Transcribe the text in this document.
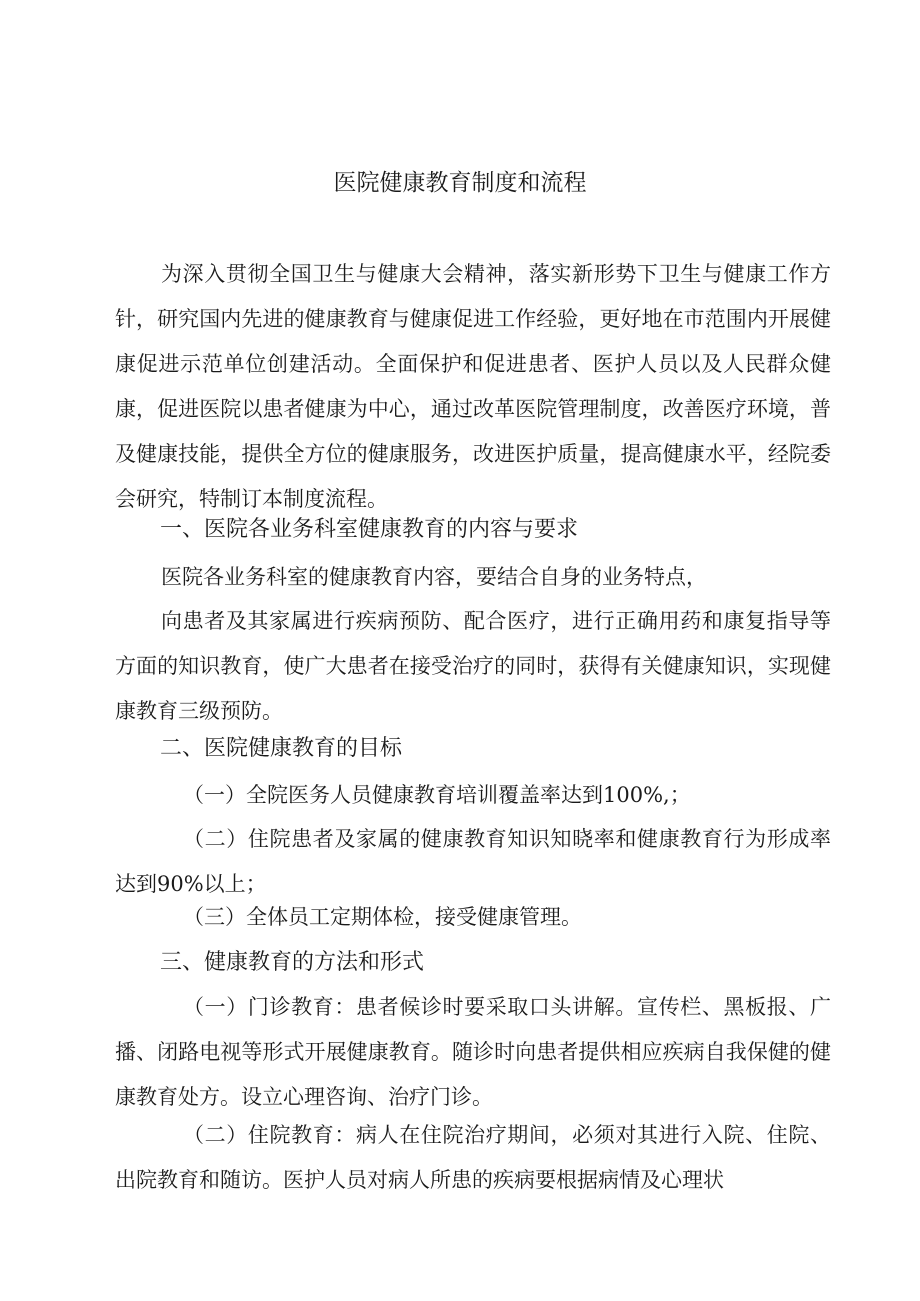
医院健康教育制度和流程

为深入贯彻全国卫生与健康大会精神，落实新形势下卫生与健康工作方针，研究国内先进的健康教育与健康促进工作经验，更好地在市范围内开展健康促进示范单位创建活动。全面保护和促进患者、医护人员以及人民群众健康，促进医院以患者健康为中心，通过改革医院管理制度，改善医疗环境，普及健康技能，提供全方位的健康服务，改进医护质量，提高健康水平，经院委会研究，特制订本制度流程。

一、医院各业务科室健康教育的内容与要求

医院各业务科室的健康教育内容，要结合自身的业务特点，

向患者及其家属进行疾病预防、配合医疗，进行正确用药和康复指导等方面的知识教育，使广大患者在接受治疗的同时，获得有关健康知识，实现健康教育三级预防。

二、医院健康教育的目标

（一）全院医务人员健康教育培训覆盖率达到100%,；

（二）住院患者及家属的健康教育知识知晓率和健康教育行为形成率达到90%以上；

（三）全体员工定期体检，接受健康管理。

三、健康教育的方法和形式

（一）门诊教育：患者候诊时要采取口头讲解。宣传栏、黑板报、广播、闭路电视等形式开展健康教育。随诊时向患者提供相应疾病自我保健的健康教育处方。设立心理咨询、治疗门诊。

（二）住院教育：病人在住院治疗期间，必须对其进行入院、住院、出院教育和随访。医护人员对病人所患的疾病要根据病情及心理状
